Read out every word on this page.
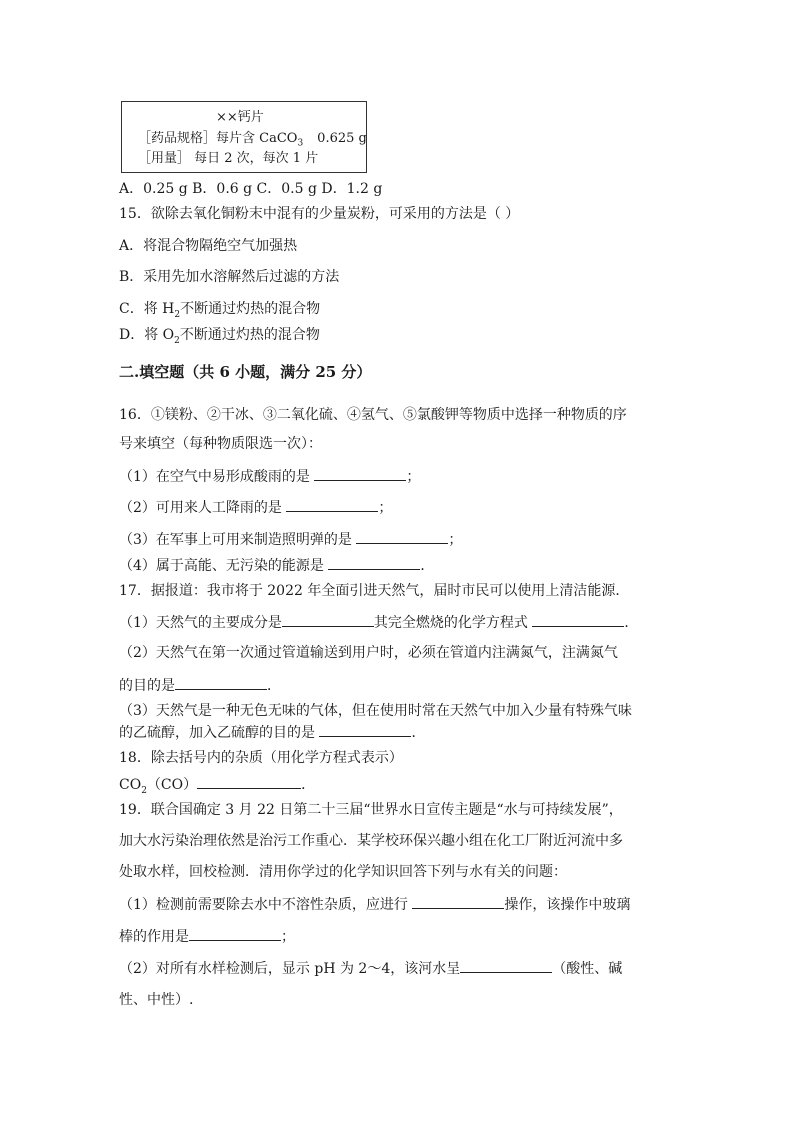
××钙片
［药品规格］每片含 CaCO$_3$ 0.625 g
［用量］ 每日 2 次，每次 1 片
A．0.25 g B．0.6 g C．0.5 g D．1.2 g
15．欲除去氧化铜粉末中混有的少量炭粉，可采用的方法是（ ）
A．将混合物隔绝空气加强热
B．采用先加水溶解然后过滤的方法
C．将 $H_2$不断通过灼热的混合物
D．将 $O_2$不断通过灼热的混合物
二.填空题（共 6 小题，满分 25 分）
16．①镁粉、②干冰、③二氧化硫、④氢气、⑤氯酸钾等物质中选择一种物质的序
号来填空（每种物质限选一次）：
（1）在空气中易形成酸雨的是	；
（2）可用来人工降雨的是	；
（3）在军事上可用来制造照明弹的是	；
（4）属于高能、无污染的能源是	．
17．据报道：我市将于 2022 年全面引进天然气，届时市民可以使用上清洁能源．
（1）天然气的主要成分是	其完全燃烧的化学方程式	．
（2）天然气在第一次通过管道输送到用户时，必须在管道内注满氮气，注满氮气
的目的是	．
（3）天然气是一种无色无味的气体，但在使用时常在天然气中加入少量有特殊气味
的乙硫醇，加入乙硫醇的目的是	．
18．除去括号内的杂质（用化学方程式表示）
$CO_2(CO)$	．
19．联合国确定 3 月 22 日第二十三届“世界水日宣传主题是“水与可持续发展”，
加大水污染治理依然是治污工作重心．某学校环保兴趣小组在化工厂附近河流中多
处取水样，回校检测．清用你学过的化学知识回答下列与水有关的问题：
（1）检测前需要除去水中不溶性杂质，应进行	操作，该操作中玻璃
棒的作用是	；
（2）对所有水样检测后，显示 pH 为 2～4，该河水呈	（酸性、碱
性、中性）.
